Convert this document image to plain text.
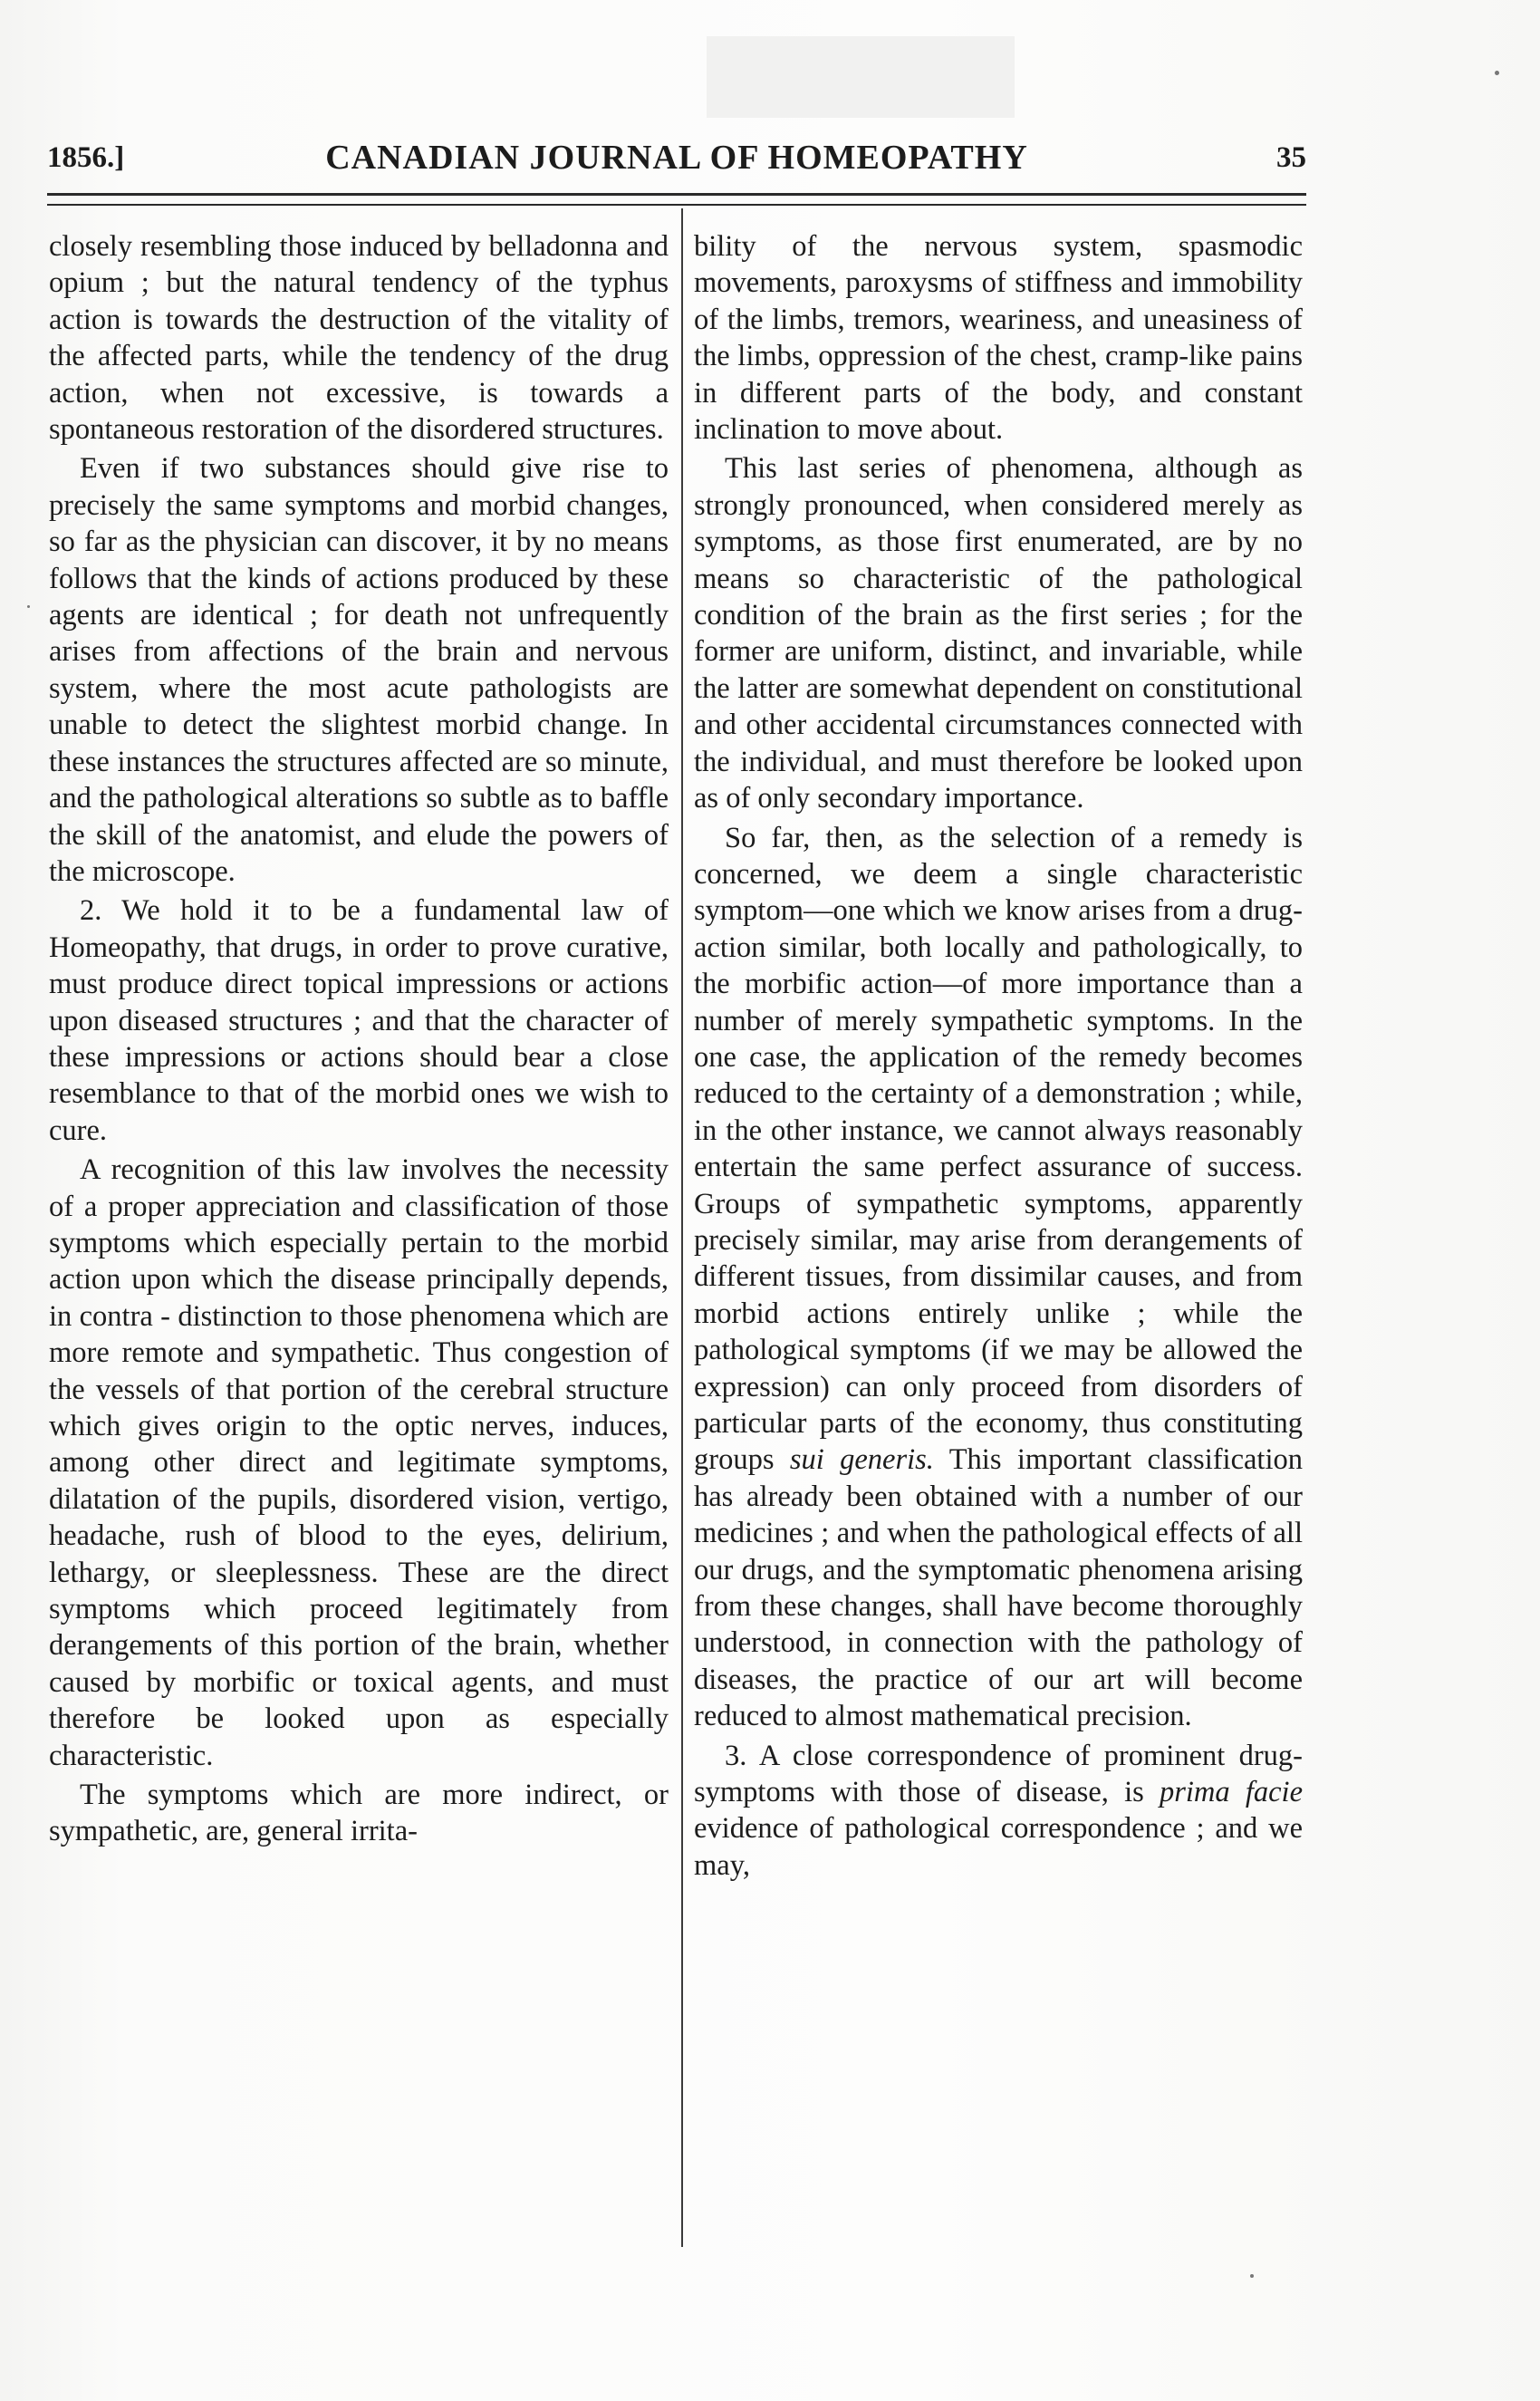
1856.]	CANADIAN JOURNAL OF HOMEOPATHY	35

closely resembling those induced by belladonna and opium ; but the natural tendency of the typhus action is towards the destruction of the vitality of the affected parts, while the tendency of the drug action, when not excessive, is towards a spontaneous restoration of the disordered structures.

Even if two substances should give rise to precisely the same symptoms and morbid changes, so far as the physician can discover, it by no means follows that the kinds of actions produced by these agents are identical ; for death not unfrequently arises from affections of the brain and nervous system, where the most acute pathologists are unable to detect the slightest morbid change. In these instances the structures affected are so minute, and the pathological alterations so subtle as to baffle the skill of the anatomist, and elude the powers of the microscope.

2. We hold it to be a fundamental law of Homeopathy, that drugs, in order to prove curative, must produce direct topical impressions or actions upon diseased structures ; and that the character of these impressions or actions should bear a close resemblance to that of the morbid ones we wish to cure.

A recognition of this law involves the necessity of a proper appreciation and classification of those symptoms which especially pertain to the morbid action upon which the disease principally depends, in contra - distinction to those phenomena which are more remote and sympathetic. Thus congestion of the vessels of that portion of the cerebral structure which gives origin to the optic nerves, induces, among other direct and legitimate symptoms, dilatation of the pupils, disordered vision, vertigo, headache, rush of blood to the eyes, delirium, lethargy, or sleeplessness. These are the direct symptoms which proceed legitimately from derangements of this portion of the brain, whether caused by morbific or toxical agents, and must therefore be looked upon as especially characteristic.

The symptoms which are more indirect, or sympathetic, are, general irrita-

bility of the nervous system, spasmodic movements, paroxysms of stiffness and immobility of the limbs, tremors, weariness, and uneasiness of the limbs, oppression of the chest, cramp-like pains in different parts of the body, and constant inclination to move about.

This last series of phenomena, although as strongly pronounced, when considered merely as symptoms, as those first enumerated, are by no means so characteristic of the pathological condition of the brain as the first series ; for the former are uniform, distinct, and invariable, while the latter are somewhat dependent on constitutional and other accidental circumstances connected with the individual, and must therefore be looked upon as of only secondary importance.

So far, then, as the selection of a remedy is concerned, we deem a single characteristic symptom—one which we know arises from a drug-action similar, both locally and pathologically, to the morbific action—of more importance than a number of merely sympathetic symptoms. In the one case, the application of the remedy becomes reduced to the certainty of a demonstration ; while, in the other instance, we cannot always reasonably entertain the same perfect assurance of success. Groups of sympathetic symptoms, apparently precisely similar, may arise from derangements of different tissues, from dissimilar causes, and from morbid actions entirely unlike ; while the pathological symptoms (if we may be allowed the expression) can only proceed from disorders of particular parts of the economy, thus constituting groups sui generis. This important classification has already been obtained with a number of our medicines ; and when the pathological effects of all our drugs, and the symptomatic phenomena arising from these changes, shall have become thoroughly understood, in connection with the pathology of diseases, the practice of our art will become reduced to almost mathematical precision.

3. A close correspondence of prominent drug-symptoms with those of disease, is prima facie evidence of pathological correspondence ; and we may,
